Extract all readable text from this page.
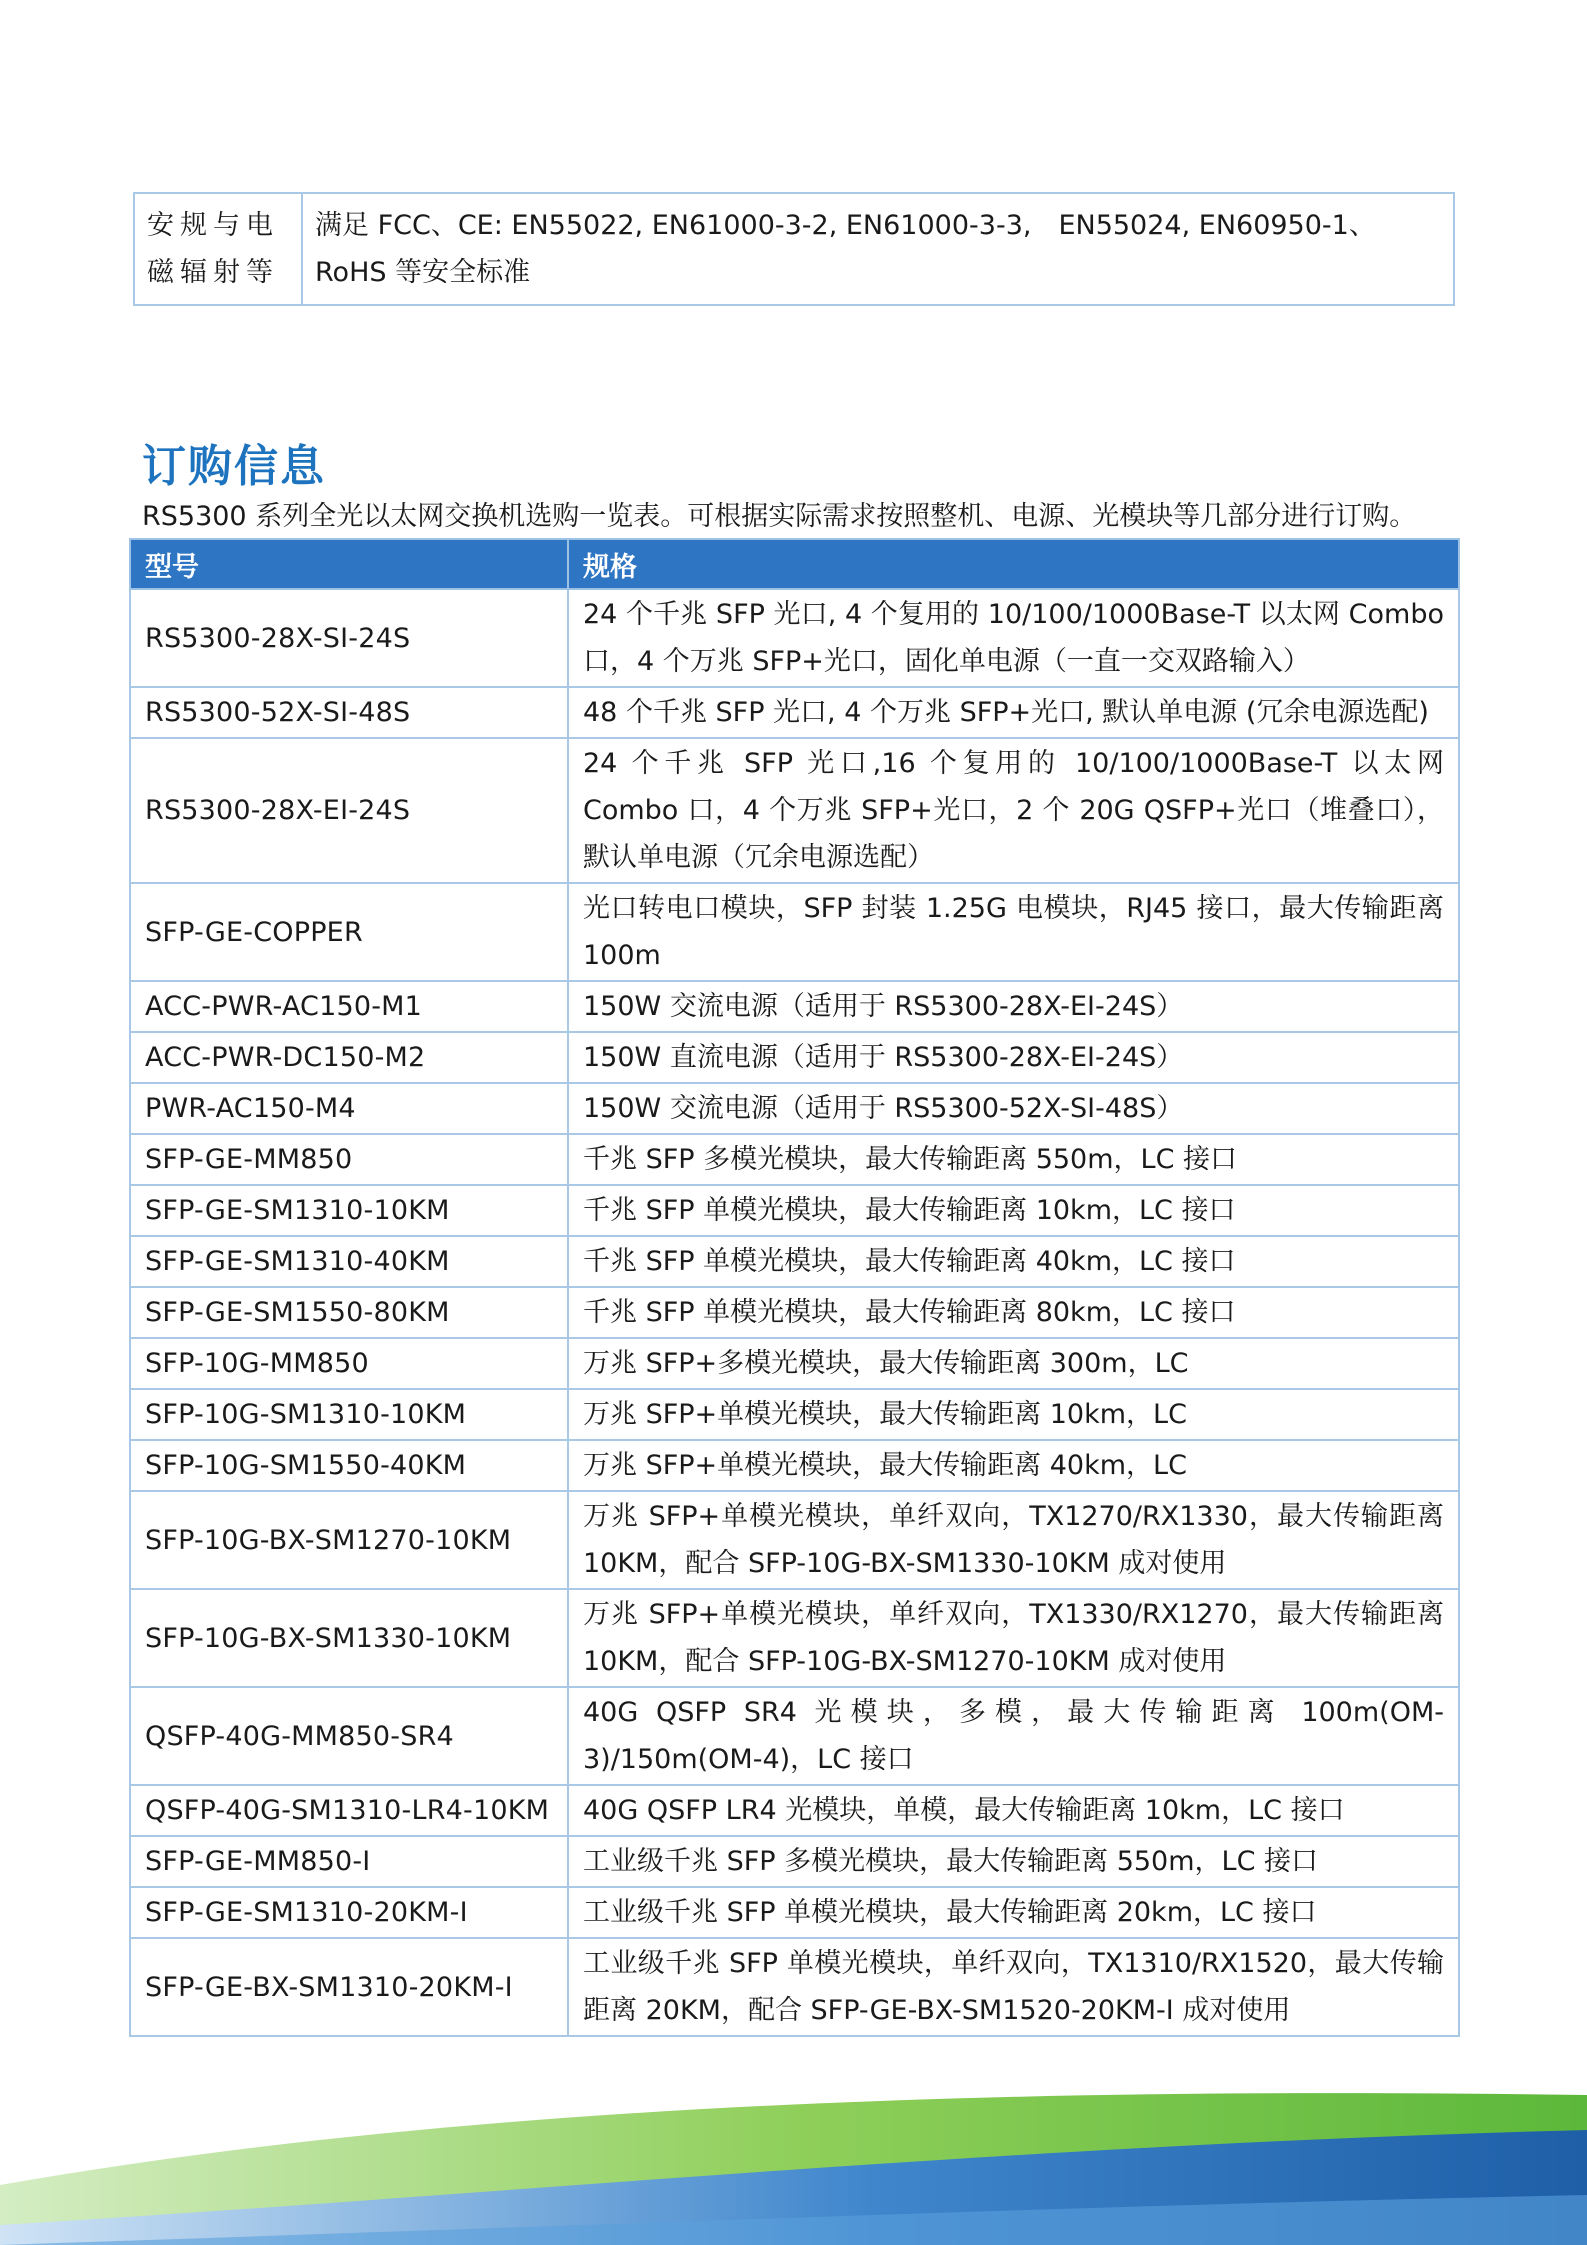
安规与电磁辐射等	满足 FCC、CE: EN55022, EN61000-3-2, EN61000-3-3,　EN55024, EN60950-1、RoHS 等安全标准
订购信息

RS5300 系列全光以太网交换机选购一览表。可根据实际需求按照整机、电源、光模块等几部分进行订购。

型号	规格
RS5300-28X-SI-24S	24 个千兆 SFP 光口, 4 个复用的 10/100/1000Base-T 以太网 Combo 口，4 个万兆 SFP+光口，固化单电源（一直一交双路输入）
RS5300-52X-SI-48S	48 个千兆 SFP 光口, 4 个万兆 SFP+光口, 默认单电源 (冗余电源选配)
RS5300-28X-EI-24S	24 个千兆 SFP 光口,16 个复用的 10/100/1000Base-T 以太网 Combo 口，4 个万兆 SFP+光口，2 个 20G QSFP+光口（堆叠口），默认单电源（冗余电源选配）
SFP-GE-COPPER	光口转电口模块，SFP 封装 1.25G 电模块，RJ45 接口，最大传输距离 100m
ACC-PWR-AC150-M1	150W 交流电源（适用于 RS5300-28X-EI-24S）
ACC-PWR-DC150-M2	150W 直流电源（适用于 RS5300-28X-EI-24S）
PWR-AC150-M4	150W 交流电源（适用于 RS5300-52X-SI-48S）
SFP-GE-MM850	千兆 SFP 多模光模块，最大传输距离 550m，LC 接口
SFP-GE-SM1310-10KM	千兆 SFP 单模光模块，最大传输距离 10km，LC 接口
SFP-GE-SM1310-40KM	千兆 SFP 单模光模块，最大传输距离 40km，LC 接口
SFP-GE-SM1550-80KM	千兆 SFP 单模光模块，最大传输距离 80km，LC 接口
SFP-10G-MM850	万兆 SFP+多模光模块，最大传输距离 300m，LC
SFP-10G-SM1310-10KM	万兆 SFP+单模光模块，最大传输距离 10km，LC
SFP-10G-SM1550-40KM	万兆 SFP+单模光模块，最大传输距离 40km，LC
SFP-10G-BX-SM1270-10KM	万兆 SFP+单模光模块，单纤双向，TX1270/RX1330，最大传输距离 10KM，配合 SFP-10G-BX-SM1330-10KM 成对使用
SFP-10G-BX-SM1330-10KM	万兆 SFP+单模光模块，单纤双向，TX1330/RX1270，最大传输距离 10KM，配合 SFP-10G-BX-SM1270-10KM 成对使用
QSFP-40G-MM850-SR4	40G QSFP SR4 光模块，多模，最大传输距离 100m(OM-3)/150m(OM-4)，LC 接口
QSFP-40G-SM1310-LR4-10KM	40G QSFP LR4 光模块，单模，最大传输距离 10km，LC 接口
SFP-GE-MM850-I	工业级千兆 SFP 多模光模块，最大传输距离 550m，LC 接口
SFP-GE-SM1310-20KM-I	工业级千兆 SFP 单模光模块，最大传输距离 20km，LC 接口
SFP-GE-BX-SM1310-20KM-I	工业级千兆 SFP 单模光模块，单纤双向，TX1310/RX1520，最大传输距离 20KM，配合 SFP-GE-BX-SM1520-20KM-I 成对使用
